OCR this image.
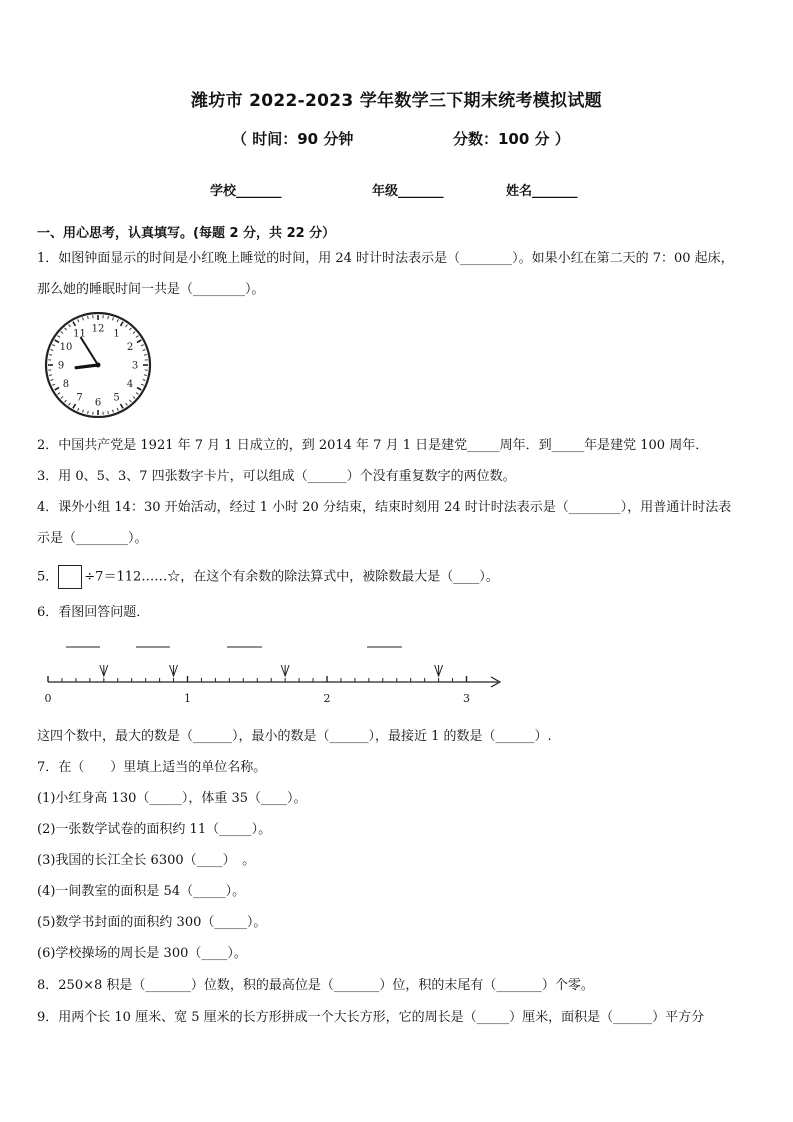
潍坊市 2022-2023 学年数学三下期末统考模拟试题
（ 时间：90 分钟	分数：100 分 ）
学校_______	年级_______	姓名_______
一、用心思考，认真填写。(每题 2 分，共 22 分）
1．如图钟面显示的时间是小红晚上睡觉的时间，用 24 时计时法表示是（________）。如果小红在第二天的 7：00 起床，
那么她的睡眠时间一共是（________）。
12 1
2
3
4
5
6
7
8
9
10
11
2．中国共产党是 1921 年 7 月 1 日成立的，到 2014 年 7 月 1 日是建党_____周年．到_____年是建党 100 周年．
3．用 0、5、3、7 四张数字卡片，可以组成（______）个没有重复数字的两位数。
4．课外小组 14：30 开始活动，经过 1 小时 20 分结束，结束时刻用 24 时计时法表示是（________），用普通计时法表
示是（________）。
5． ÷7＝112……☆，在这个有余数的除法算式中，被除数最大是（____）。
6．看图回答问题．
0	1	2	3
这四个数中，最大的数是（______），最小的数是（______），最接近 1 的数是（______）.
7．在（　　）里填上适当的单位名称。
(1)小红身高 130（_____），体重 35（____）。
(2)一张数学试卷的面积约 11（_____）。
(3)我国的长江全长 6300（____）　。
(4)一间教室的面积是 54（_____）。
(5)数学书封面的面积约 300（_____）。
(6)学校操场的周长是 300（____）。
8．250×8 积是（_______）位数，积的最高位是（_______）位，积的末尾有（_______）个零。
9．用两个长 10 厘米、宽 5 厘米的长方形拼成一个大长方形，它的周长是（_____）厘米，面积是（______）平方分
